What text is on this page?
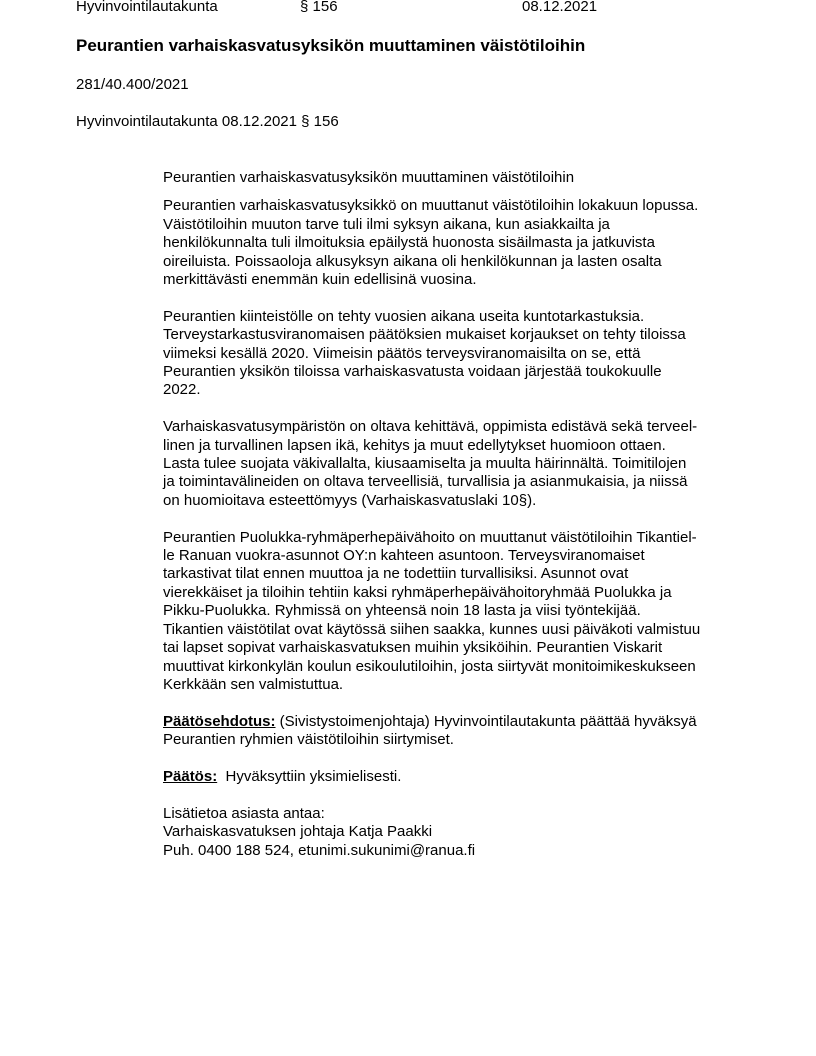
Hyvinvointilautakunta	§ 156	08.12.2021
Peurantien varhaiskasvatusyksikön muuttaminen väistötiloihin
281/40.400/2021
Hyvinvointilautakunta 08.12.2021 § 156
Peurantien varhaiskasvatusyksikön muuttaminen väistötiloihin

Peurantien varhaiskasvatusyksikkö on muuttanut väistötiloihin lokakuun lopussa.
Väistötiloihin muuton tarve tuli ilmi syksyn aikana, kun asiakkailta ja
henkilökunnalta tuli ilmoituksia epäilystä huonosta sisäilmasta ja jatkuvista
oireiluista. Poissaoloja alkusyksyn aikana oli henkilökunnan ja lasten osalta
merkittävästi enemmän kuin edellisinä vuosina.

Peurantien kiinteistölle on tehty vuosien aikana useita kuntotarkastuksia.
Terveystarkastusviranomaisen päätöksien mukaiset korjaukset on tehty tiloissa
viimeksi kesällä 2020. Viimeisin päätös terveysviranomaisilta on se, että
Peurantien yksikön tiloissa varhaiskasvatusta voidaan järjestää toukokuulle
2022.

Varhaiskasvatusympäristön on oltava kehittävä, oppimista edistävä sekä terveel-
linen ja turvallinen lapsen ikä, kehitys ja muut edellytykset huomioon ottaen.
Lasta tulee suojata väkivallalta, kiusaamiselta ja muulta häirinnältä. Toimitilojen
ja toimintavälineiden on oltava terveellisiä, turvallisia ja asianmukaisia, ja niissä
on huomioitava esteettömyys (Varhaiskasvatuslaki 10§).

Peurantien Puolukka-ryhmäperhepäivähoito on muuttanut väistötiloihin Tikantiel-
le Ranuan vuokra-asunnot OY:n kahteen asuntoon. Terveysviranomaiset
tarkastivat tilat ennen muuttoa ja ne todettiin turvallisiksi. Asunnot ovat
vierekkäiset ja tiloihin tehtiin kaksi ryhmäperhepäivähoitoryhmää Puolukka ja
Pikku-Puolukka. Ryhmissä on yhteensä noin 18 lasta ja viisi työntekijää.
Tikantien väistötilat ovat käytössä siihen saakka, kunnes uusi päiväkoti valmistuu
tai lapset sopivat varhaiskasvatuksen muihin yksiköihin. Peurantien Viskarit
muuttivat kirkonkylän koulun esikoulutiloihin, josta siirtyvät monitoimikeskukseen
Kerkkään sen valmistuttua.

Päätösehdotus: (Sivistystoimenjohtaja) Hyvinvointilautakunta päättää hyväksyä
Peurantien ryhmien väistötiloihin siirtymiset.

Päätös:  Hyväksyttiin yksimielisesti.

Lisätietoa asiasta antaa:
Varhaiskasvatuksen johtaja Katja Paakki
Puh. 0400 188 524, etunimi.sukunimi@ranua.fi
